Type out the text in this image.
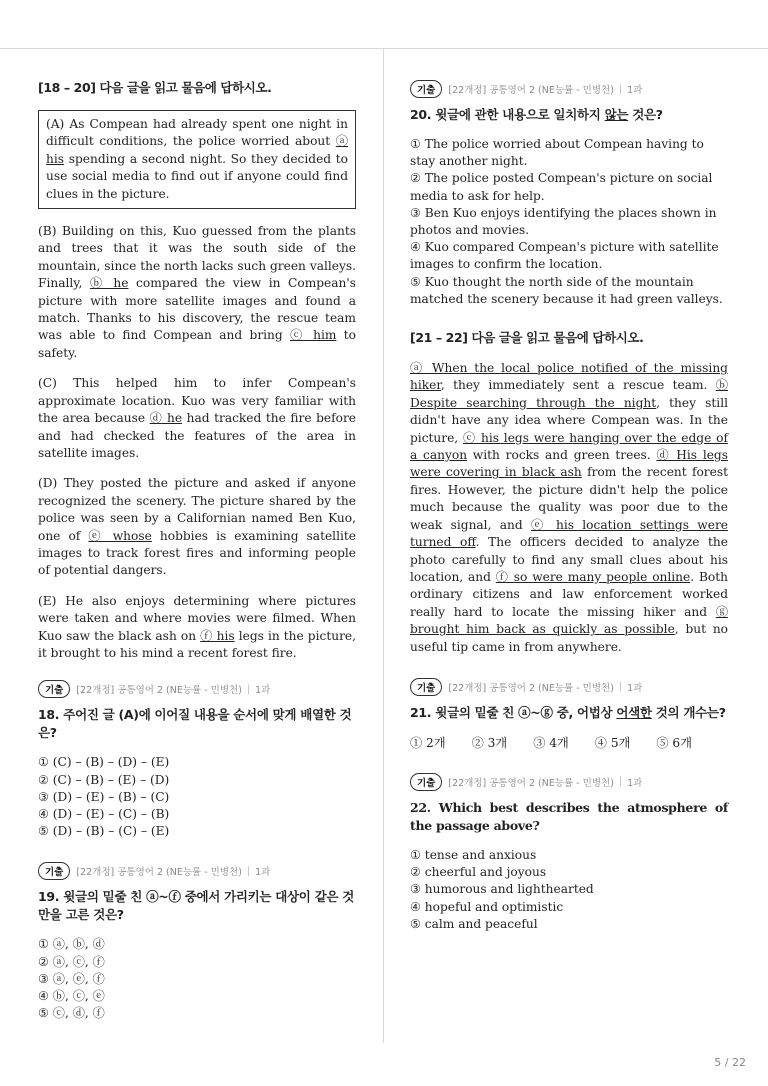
[18 – 20] 다음 글을 읽고 물음에 답하시오.
(A) As Compean had already spent one night in difficult conditions, the police worried about ⓐ his spending a second night. So they decided to use social media to find out if anyone could find clues in the picture.

(B) Building on this, Kuo guessed from the plants and trees that it was the south side of the mountain, since the north lacks such green valleys. Finally, ⓑ he compared the view in Compean's picture with more satellite images and found a match. Thanks to his discovery, the rescue team was able to find Compean and bring ⓒ him to safety.

(C) This helped him to infer Compean's approximate location. Kuo was very familiar with the area because ⓓ he had tracked the fire before and had checked the features of the area in satellite images.

(D) They posted the picture and asked if anyone recognized the scenery. The picture shared by the police was seen by a Californian named Ben Kuo, one of ⓔ whose hobbies is examining satellite images to track forest fires and informing people of potential dangers.

(E) He also enjoys determining where pictures were taken and where movies were filmed. When Kuo saw the black ash on ⓕ his legs in the picture, it brought to his mind a recent forest fire.

기출	[22개정] 공통영어 2 (NE능률 - 민병천) | 1과
18. 주어진 글 (A)에 이어질 내용을 순서에 맞게 배열한 것은?
① (C) – (B) – (D) – (E)
② (C) – (B) – (E) – (D)
③ (D) – (E) – (B) – (C)
④ (D) – (E) – (C) – (B)
⑤ (D) – (B) – (C) – (E)
기출	[22개정] 공통영어 2 (NE능률 - 민병천) | 1과
19. 윗글의 밑줄 친 ⓐ~ⓕ 중에서 가리키는 대상이 같은 것만을 고른 것은?
① ⓐ, ⓑ, ⓓ
② ⓐ, ⓒ, ⓕ
③ ⓐ, ⓔ, ⓕ
④ ⓑ, ⓒ, ⓔ
⑤ ⓒ, ⓓ, ⓕ
기출	[22개정] 공통영어 2 (NE능률 - 민병천) | 1과
20. 윗글에 관한 내용으로 일치하지 않는 것은?
① The police worried about Compean having to stay another night.
② The police posted Compean's picture on social media to ask for help.
③ Ben Kuo enjoys identifying the places shown in photos and movies.
④ Kuo compared Compean's picture with satellite images to confirm the location.
⑤ Kuo thought the north side of the mountain matched the scenery because it had green valleys.
[21 – 22] 다음 글을 읽고 물음에 답하시오.

ⓐ When the local police notified of the missing hiker, they immediately sent a rescue team. ⓑ Despite searching through the night, they still didn't have any idea where Compean was. In the picture, ⓒ his legs were hanging over the edge of a canyon with rocks and green trees. ⓓ His legs were covering in black ash from the recent forest fires. However, the picture didn't help the police much because the quality was poor due to the weak signal, and ⓔ his location settings were turned off. The officers decided to analyze the photo carefully to find any small clues about his location, and ⓕ so were many people online. Both ordinary citizens and law enforcement worked really hard to locate the missing hiker and ⓖ brought him back as quickly as possible, but no useful tip came in from anywhere.

기출	[22개정] 공통영어 2 (NE능률 - 민병천) | 1과
21. 윗글의 밑줄 친 ⓐ~ⓖ 중, 어법상 어색한 것의 개수는?
① 2개 ② 3개 ③ 4개 ④ 5개 ⑤ 6개
기출	[22개정] 공통영어 2 (NE능률 - 민병천) | 1과
22. Which best describes the atmosphere of the passage above?
① tense and anxious
② cheerful and joyous
③ humorous and lighthearted
④ hopeful and optimistic
⑤ calm and peaceful
5 / 22
